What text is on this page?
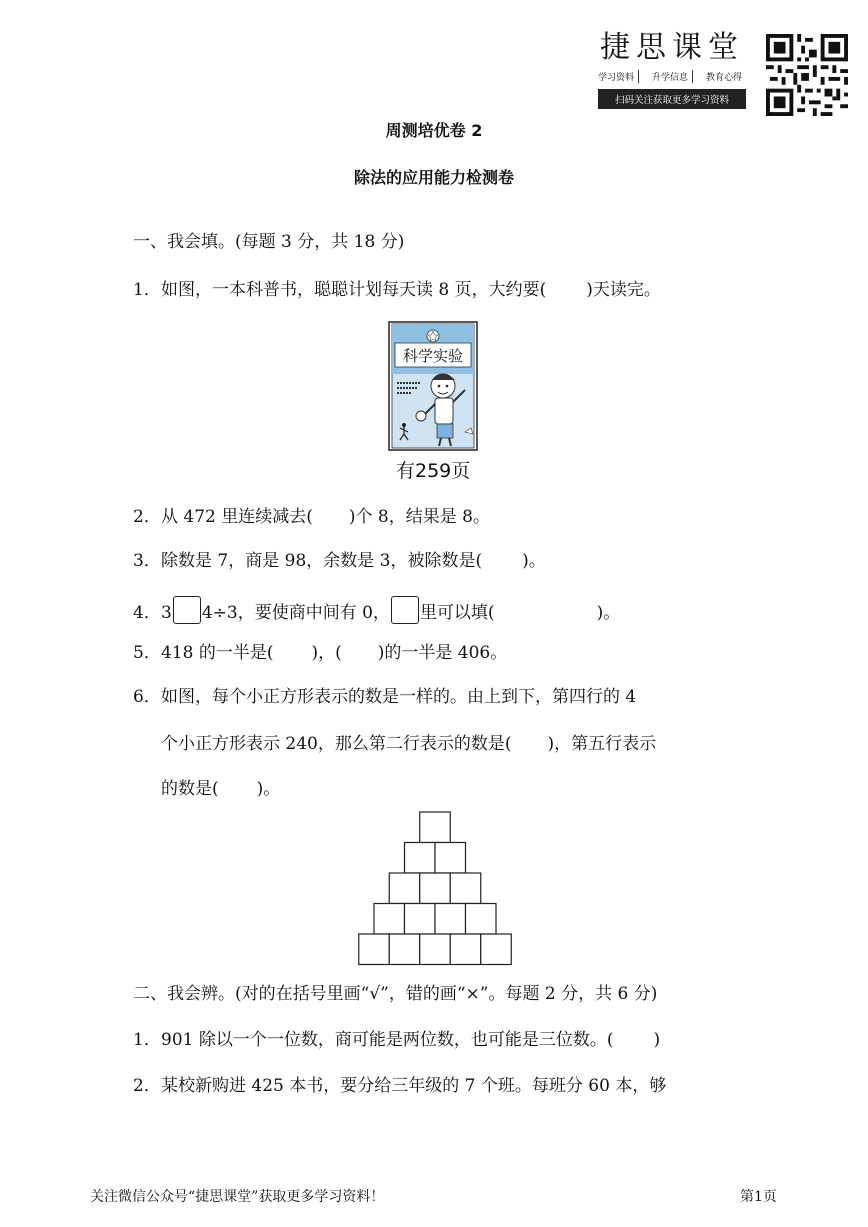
捷思课堂
学习资料	升学信息	教育心得
扫码关注获取更多学习资料
周测培优卷 2
除法的应用能力检测卷
一、我会填。(每题 3 分，共 18 分)
1．如图，一本科普书，聪聪计划每天读 8 页，大约要( )天读完。
科学实验
有259页
2．从 472 里连续减去( )个 8，结果是 8。
3．除数是 7，商是 98，余数是 3，被除数是( )。
4．3 4÷3，要使商中间有 0， 里可以填(	)。
5．418 的一半是( )，( )的一半是 406。
6．如图，每个小正方形表示的数是一样的。由上到下，第四行的 4
个小正方形表示 240，那么第二行表示的数是( )，第五行表示
的数是( )。
二、我会辨。(对的在括号里画“√”，错的画“×”。每题 2 分，共 6 分)
1．901 除以一个一位数，商可能是两位数，也可能是三位数。( )
2．某校新购进 425 本书，要分给三年级的 7 个班。每班分 60 本，够
关注微信公众号“捷思课堂”获取更多学习资料！	第1页
